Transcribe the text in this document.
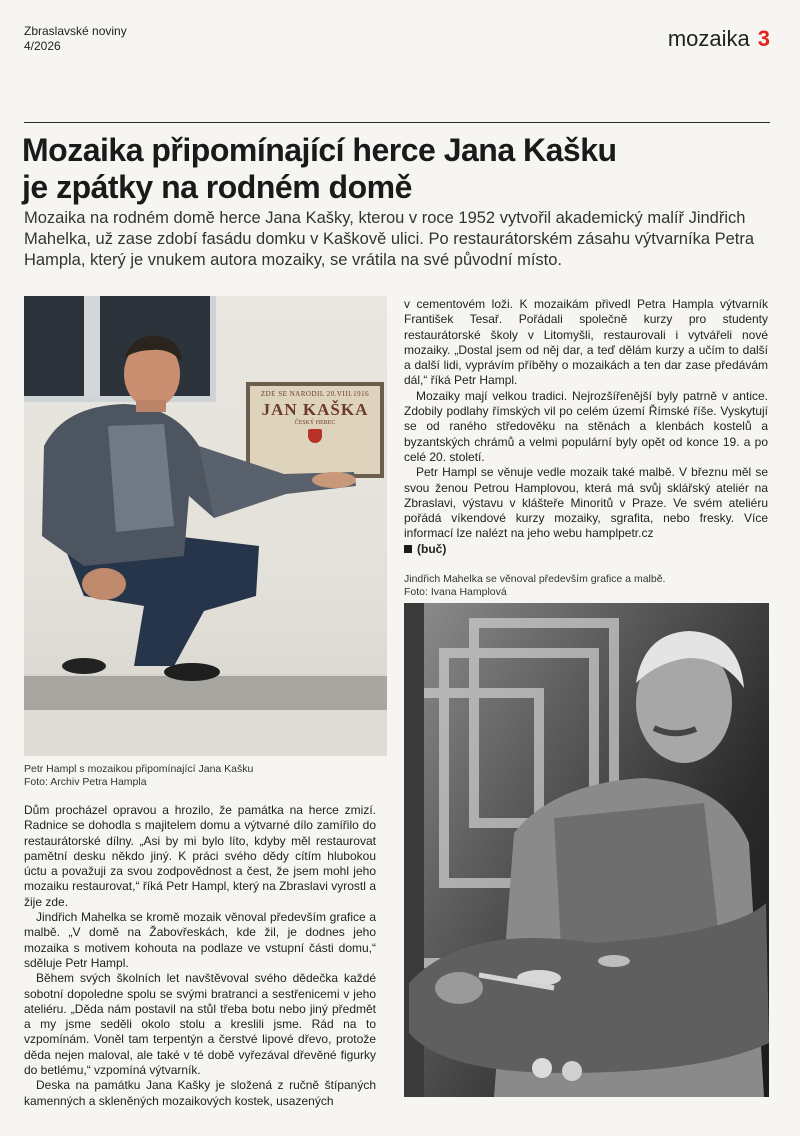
Zbraslavské noviny
4/2026	mozaika 3
Mozaika připomínající herce Jana Kašku
je zpátky na rodném domě
Mozaika na rodném domě herce Jana Kašky, kterou v roce 1952 vytvořil akademický malíř Jindřich Mahelka, už zase zdobí fasádu domku v Kaškově ulici. Po restaurátorském zásahu výtvarníka Petra Hampla, který je vnukem autora mozaiky, se vrátila na své původní místo.
ZDE SE NARODIL 20.VIII.1916
JAN KAŠKA
ČESKÝ HEREC
Petr Hampl s mozaikou připomínající Jana Kašku
Foto: Archiv Petra Hampla

Dům procházel opravou a hrozilo, že památka na herce zmizí. Radnice se dohodla s majitelem domu a výtvarné dílo zamířilo do restaurátorské dílny. „Asi by mi bylo líto, kdyby měl restaurovat pamětní desku někdo jiný. K práci svého dědy cítím hlubokou úctu a považuji za svou zodpovědnost a čest, že jsem mohl jeho mozaiku restaurovat,“ říká Petr Hampl, který na Zbraslavi vyrostl a žije zde.

Jindřich Mahelka se kromě mozaik věnoval především grafice a malbě. „V domě na Žabovřeskách, kde žil, je dodnes jeho mozaika s motivem kohouta na podlaze ve vstupní části domu,“ sděluje Petr Hampl.

Během svých školních let navštěvoval svého dědečka každé sobotní dopoledne spolu se svými bratranci a sestřenicemi v jeho ateliéru. „Děda nám postavil na stůl třeba botu nebo jiný předmět a my jsme seděli okolo stolu a kreslili jsme. Rád na to vzpomínám. Voněl tam terpentýn a čerstvé lipové dřevo, protože děda nejen maloval, ale také v té době vyřezával dřevěné figurky do betlému,“ vzpomíná výtvarník.

Deska na památku Jana Kašky je složená z ručně štípaných kamenných a skleněných mozaikových kostek, usazených

v cementovém loži. K mozaikám přivedl Petra Hampla výtvarník František Tesař. Pořádali společně kurzy pro studenty restaurátorské školy v Litomyšli, restaurovali i vytvářeli nové mozaiky. „Dostal jsem od něj dar, a teď dělám kurzy a učím to další a další lidi, vyprávím příběhy o mozaikách a ten dar zase předávám dál,“ říká Petr Hampl.

Mozaiky mají velkou tradici. Nejrozšířenější byly patrně v antice. Zdobily podlahy římských vil po celém území Římské říše. Vyskytují se od raného středověku na stěnách a klenbách kostelů a byzantských chrámů a velmi populární byly opět od konce 19. a po celé 20. století.

Petr Hampl se věnuje vedle mozaik také malbě. V březnu měl se svou ženou Petrou Hamplovou, která má svůj sklářský ateliér na Zbraslavi, výstavu v klášteře Minoritů v Praze. Ve svém ateliéru pořádá víkendové kurzy mozaiky, sgrafita, nebo fresky. Více informací lze nalézt na jeho webu hamplpetr.cz

(buč)
Jindřich Mahelka se věnoval především grafice a malbě.
Foto: Ivana Hamplová
